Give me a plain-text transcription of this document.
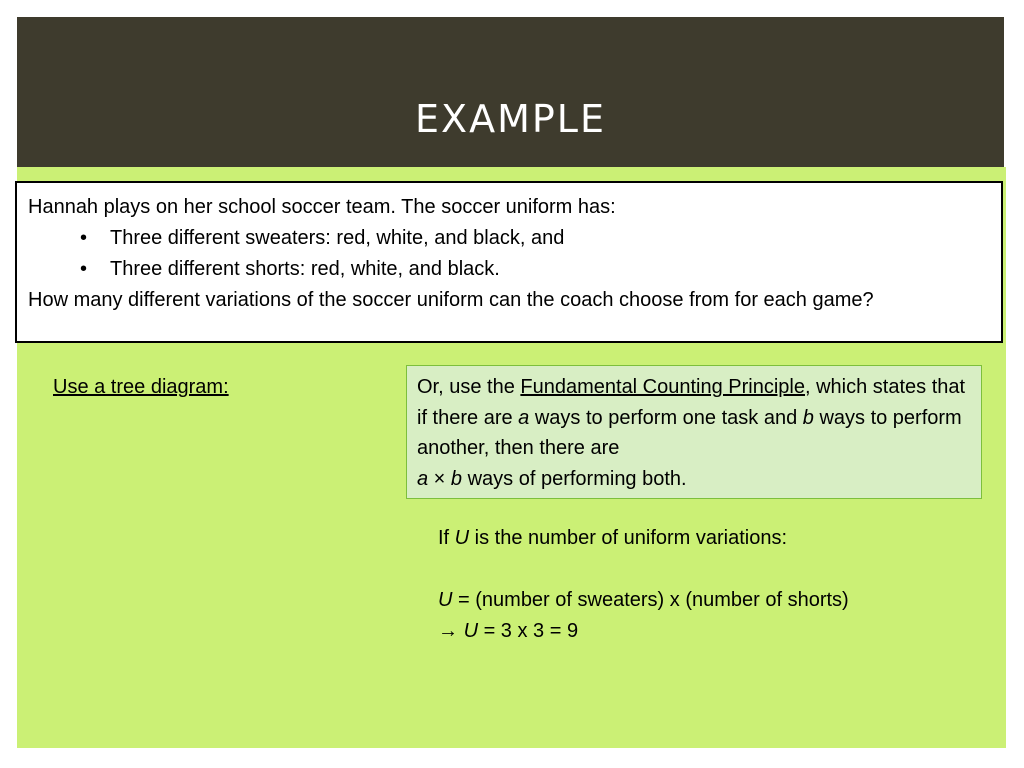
EXAMPLE

Hannah plays on her school soccer team. The soccer uniform has:

• Three different sweaters: red, white, and black, and
• Three different shorts: red, white, and black.

How many different variations of the soccer uniform can the coach choose from for each game?

Use a tree diagram:	Or, use the Fundamental Counting Principle, which states that if there are a ways to perform one task and b ways to perform another, then there are
a × b ways of performing both.
If U is the number of uniform variations:
U = (number of sweaters) x (number of shorts)
→ U = 3 x 3 = 9
